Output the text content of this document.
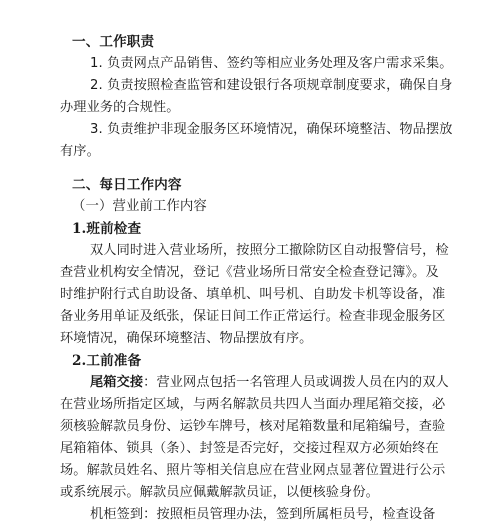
一、工作职责
1. 负责网点产品销售、签约等相应业务处理及客户需求采集。
2. 负责按照检查监管和建设银行各项规章制度要求，确保自身
办理业务的合规性。
3. 负责维护非现金服务区环境情况，确保环境整洁、物品摆放
有序。
二、每日工作内容
（一）营业前工作内容
1.班前检查
双人同时进入营业场所，按照分工撤除防区自动报警信号，检
查营业机构安全情况，登记《营业场所日常安全检查登记簿》。及
时维护附行式自助设备、填单机、叫号机、自助发卡机等设备，准
备业务用单证及纸张，保证日间工作正常运行。检查非现金服务区
环境情况，确保环境整洁、物品摆放有序。
2.工前准备
尾箱交接：营业网点包括一名管理人员或调拨人员在内的双人
在营业场所指定区域，与两名解款员共四人当面办理尾箱交接，必
须核验解款员身份、运钞车牌号，核对尾箱数量和尾箱编号，查验
尾箱箱体、锁具（条）、封签是否完好，交接过程双方必须始终在
场。解款员姓名、照片等相关信息应在营业网点显著位置进行公示
或系统展示。解款员应佩戴解款员证，以便核验身份。
机柜签到：按照柜员管理办法，签到所属柜员号，检查设备
